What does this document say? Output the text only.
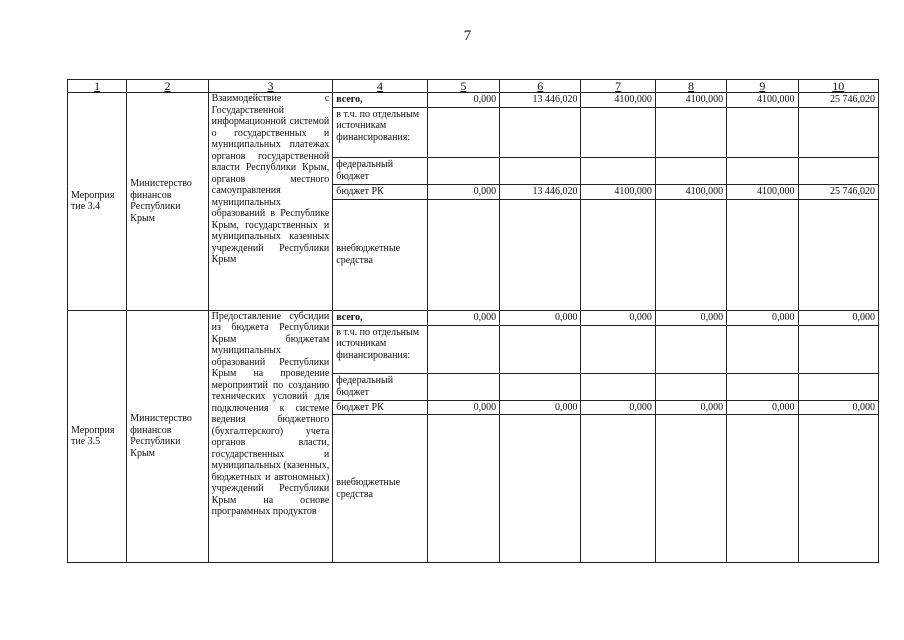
7
1	2	3	4	5	6	7	8	9	10
Мероприя тие 3.4	Министерство финансов Республики Крым	Взаимодействие с Государственной информационной системой о государственных и муниципальных платежах органов государственной власти Республики Крым, органов местного самоуправления муниципальных образований в Республике Крым, государственных и муниципальных казенных учреждений Республики Крым	всего,	0,000	13 446,020	4100,000	4100,000	4100,000	25 746,020
			в т.ч. по отдельным источникам финансирования:						
			федеральный бюджет						
			бюджет РК	0,000	13 446,020	4100,000	4100,000	4100,000	25 746,020
			внебюджетные средства						
Мероприя тие 3.5	Министерство финансов Республики Крым	Предоставление субсидии из бюджета Республики Крым бюджетам муниципальных образований Республики Крым на проведение мероприятий по созданию технических условий для подключения к системе ведения бюджетного (бухгалтерского) учета органов власти, государственных и муниципальных (казенных, бюджетных и автономных) учреждений Республики Крым на основе программных продуктов	всего,	0,000	0,000	0,000	0,000	0,000	0,000
			в т.ч. по отдельным источникам финансирования:						
			федеральный бюджет						
			бюджет РК	0,000	0,000	0,000	0,000	0,000	0,000
			внебюджетные средства						
